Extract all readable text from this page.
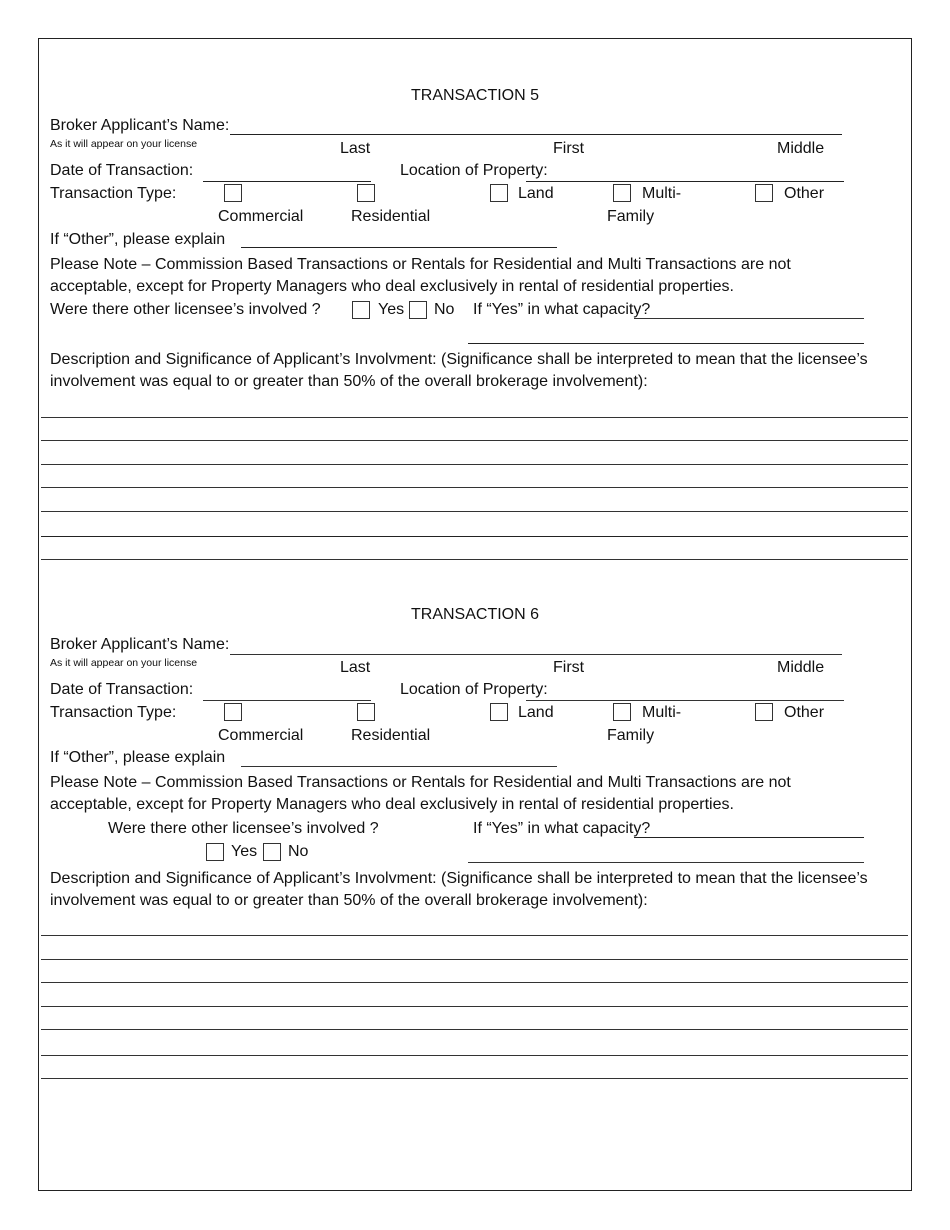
TRANSACTION 5
Broker Applicant’s Name:
As it will appear on your license	Last	First	Middle
Date of Transaction:	Location of Property:
Transaction Type:	Land	Multi-	Other
Commercial	Residential	Family
If “Other”, please explain
Please Note – Commission Based Transactions or Rentals for Residential and Multi Transactions are not acceptable, except for Property Managers who deal exclusively in rental of residential properties.
Were there other licensee’s involved ?	Yes No If “Yes” in what capacity?
Description and Significance of Applicant’s Involvment: (Significance shall be interpreted to mean that the licensee’s involvement was equal to or greater than 50% of the overall brokerage involvement):
TRANSACTION 6
Broker Applicant’s Name:
As it will appear on your license	Last	First	Middle
Date of Transaction:	Location of Property:
Transaction Type:	Land	Multi-	Other
Commercial	Residential	Family
If “Other”, please explain
Please Note – Commission Based Transactions or Rentals for Residential and Multi Transactions are not acceptable, except for Property Managers who deal exclusively in rental of residential properties.
Were there other licensee’s involved ?	If “Yes” in what capacity?
Yes No
Description and Significance of Applicant’s Involvment: (Significance shall be interpreted to mean that the licensee’s involvement was equal to or greater than 50% of the overall brokerage involvement):
